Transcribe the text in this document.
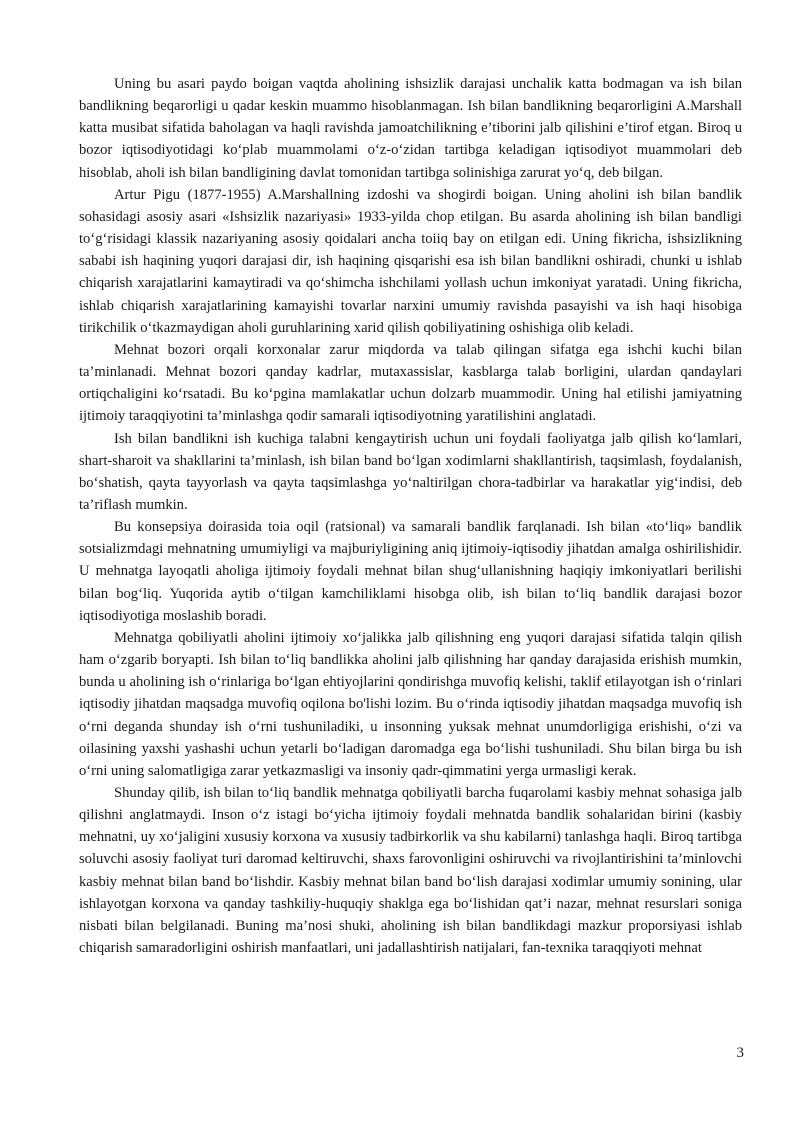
Uning bu asari paydo boigan vaqtda aholining ishsizlik darajasi unchalik katta bodmagan va ish bilan bandlikning beqarorligi u qadar keskin muammo hisoblanmagan. Ish bilan bandlikning beqarorligini A.Marshall katta musibat sifatida baholagan va haqli ravishda jamoatchilikning e’tiborini jalb qilishini e’tirof etgan. Biroq u bozor iqtisodiyotidagi ko‘plab muammolami o‘z-o‘zidan tartibga keladigan iqtisodiyot muammolari deb hisoblab, aholi ish bilan bandligining davlat tomonidan tartibga solinishiga zarurat yo‘q, deb bilgan.

Artur Pigu (1877-1955) A.Marshallning izdoshi va shogirdi boigan. Uning aholini ish bilan bandlik sohasidagi asosiy asari «Ishsizlik nazariyasi» 1933-yilda chop etilgan. Bu asarda aholining ish bilan bandligi to‘g‘risidagi klassik nazariyaning asosiy qoidalari ancha toiiq bay on etilgan edi. Uning fikricha, ishsizlikning sababi ish haqining yuqori darajasi dir, ish haqining qisqarishi esa ish bilan bandlikni oshiradi, chunki u ishlab chiqarish xarajatlarini kamaytiradi va qo‘shimcha ishchilami yollash uchun imkoniyat yaratadi. Uning fikricha, ishlab chiqarish xarajatlarining kamayishi tovarlar narxini umumiy ravishda pasayishi va ish haqi hisobiga tirikchilik o‘tkazmaydigan aholi guruhlarining xarid qilish qobiliyatining oshishiga olib keladi.

Mehnat bozori orqali korxonalar zarur miqdorda va talab qilingan sifatga ega ishchi kuchi bilan ta’minlanadi. Mehnat bozori qanday kadrlar, mutaxassislar, kasblarga talab borligini, ulardan qandaylari ortiqchaligini ko‘rsatadi. Bu ko‘pgina mamlakatlar uchun dolzarb muammodir. Uning hal etilishi jamiyatning ijtimoiy taraqqiyotini ta’minlashga qodir samarali iqtisodiyotning yaratilishini anglatadi.

Ish bilan bandlikni ish kuchiga talabni kengaytirish uchun uni foydali faoliyatga jalb qilish ko‘lamlari, shart-sharoit va shakllarini ta’minlash, ish bilan band bo‘lgan xodimlarni shakllantirish, taqsimlash, foydalanish, bo‘shatish, qayta tayyorlash va qayta taqsimlashga yo‘naltirilgan chora-tadbirlar va harakatlar yig‘indisi, deb ta’riflash mumkin.

Bu konsepsiya doirasida toia oqil (ratsional) va samarali bandlik farqlanadi. Ish bilan «to‘liq» bandlik sotsializmdagi mehnatning umumiyligi va majburiyligining aniq ijtimoiy-iqtisodiy jihatdan amalga oshirilishidir. U mehnatga layoqatli aholiga ijtimoiy foydali mehnat bilan shug‘ullanishning haqiqiy imkoniyatlari berilishi bilan bog‘liq. Yuqorida aytib o‘tilgan kamchiliklami hisobga olib, ish bilan to‘liq bandlik darajasi bozor iqtisodiyotiga moslashib boradi.

Mehnatga qobiliyatli aholini ijtimoiy xo‘jalikka jalb qilishning eng yuqori darajasi sifatida talqin qilish ham o‘zgarib boryapti. Ish bilan to‘liq bandlikka aholini jalb qilishning har qanday darajasida erishish mumkin, bunda u aholining ish o‘rinlariga bo‘lgan ehtiyojlarini qondirishga muvofiq kelishi, taklif etilayotgan ish o‘rinlari iqtisodiy jihatdan maqsadga muvofiq oqilona bo'lishi lozim. Bu o‘rinda iqtisodiy jihatdan maqsadga muvofiq ish o‘rni deganda shunday ish o‘rni tushuniladiki, u insonning yuksak mehnat unumdorligiga erishishi, o‘zi va oilasining yaxshi yashashi uchun yetarli bo‘ladigan daromadga ega bo‘lishi tushuniladi. Shu bilan birga bu ish o‘rni uning salomatligiga zarar yetkazmasligi va insoniy qadr-qimmatini yerga urmasligi kerak.

Shunday qilib, ish bilan to‘liq bandlik mehnatga qobiliyatli barcha fuqarolami kasbiy mehnat sohasiga jalb qilishni anglatmaydi. Inson o‘z istagi bo‘yicha ijtimoiy foydali mehnatda bandlik sohalaridan birini (kasbiy mehnatni, uy xo‘jaligini xususiy korxona va xususiy tadbirkorlik va shu kabilarni) tanlashga haqli. Biroq tartibga soluvchi asosiy faoliyat turi daromad keltiruvchi, shaxs farovonligini oshiruvchi va rivojlantirishini ta’minlovchi kasbiy mehnat bilan band bo‘lishdir. Kasbiy mehnat bilan band bo‘lish darajasi xodimlar umumiy sonining, ular ishlayotgan korxona va qanday tashkiliy-huquqiy shaklga ega bo‘lishidan qat’i nazar, mehnat resurslari soniga nisbati bilan belgilanadi. Buning ma’nosi shuki, aholining ish bilan bandlikdagi mazkur proporsiyasi ishlab chiqarish samaradorligini oshirish manfaatlari, uni jadallashtirish natijalari, fan-texnika taraqqiyoti mehnat

3
